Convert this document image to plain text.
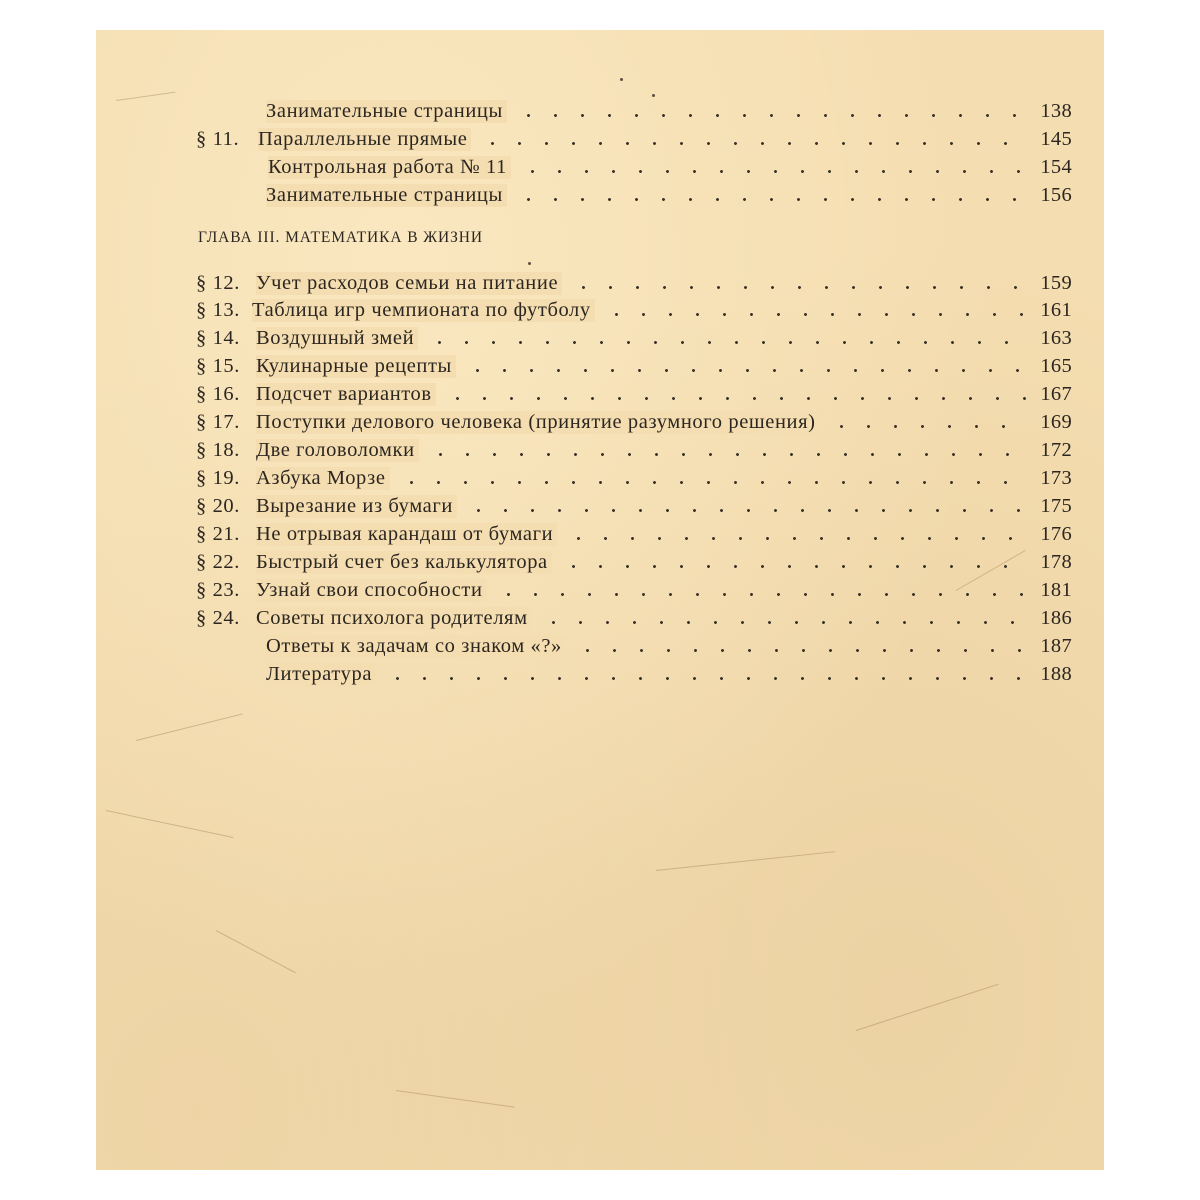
Занимательные страницы	138
§ 11. Параллельные прямые	145
Контрольная работа № 11	154
Занимательные страницы	156
ГЛАВА III. МАТЕМАТИКА В ЖИЗНИ
§ 12. Учет расходов семьи на питание	159
§ 13. Таблица игр чемпионата по футболу	161
§ 14. Воздушный змей	163
§ 15. Кулинарные рецепты	165
§ 16. Подсчет вариантов	167
§ 17. Поступки делового человека (принятие разумного решения)	169
§ 18. Две головоломки	172
§ 19. Азбука Морзе	173
§ 20. Вырезание из бумаги	175
§ 21. Не отрывая карандаш от бумаги	176
§ 22. Быстрый счет без калькулятора	178
§ 23. Узнай свои способности	181
§ 24. Советы психолога родителям	186
Ответы к задачам со знаком «?»	187
Литература	188
